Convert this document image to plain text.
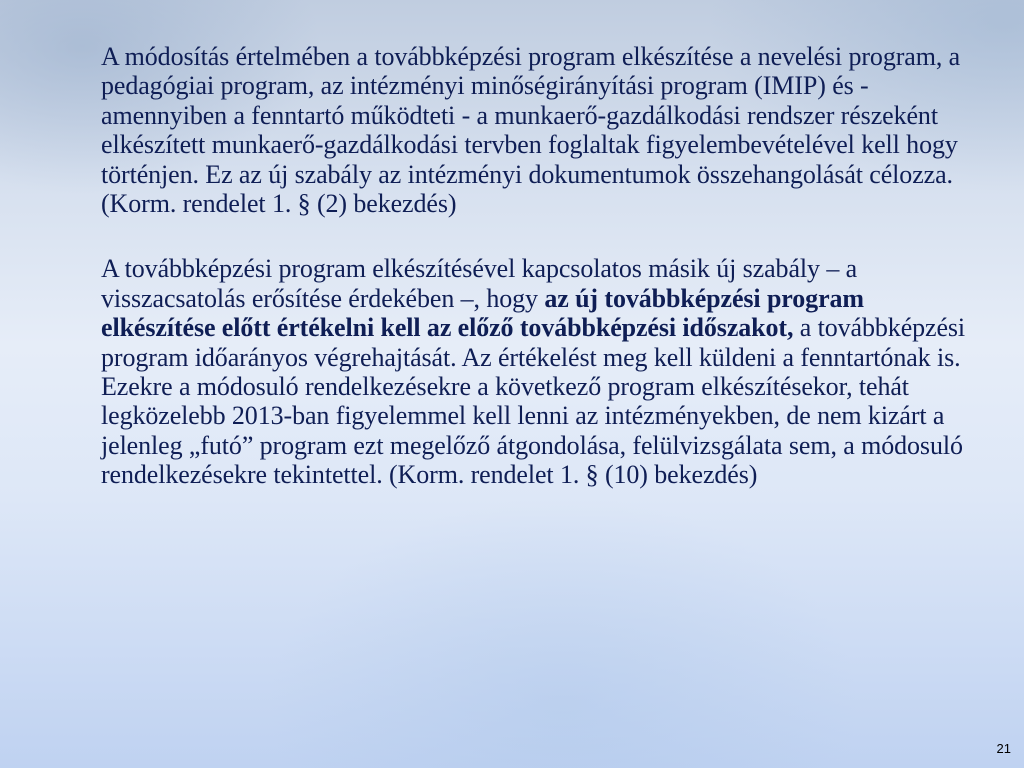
A módosítás értelmében a továbbképzési program elkészítése a nevelési program, a pedagógiai program, az intézményi minőségirányítási program (IMIP) és - amennyiben a fenntartó működteti - a munkaerő-gazdálkodási rendszer részeként elkészített munkaerő-gazdálkodási tervben foglaltak figyelembevételével kell hogy történjen. Ez az új szabály az intézményi dokumentumok összehangolását célozza. (Korm. rendelet 1. § (2) bekezdés)

A továbbképzési program elkészítésével kapcsolatos másik új szabály – a visszacsatolás erősítése érdekében –, hogy az új továbbképzési program elkészítése előtt értékelni kell az előző továbbképzési időszakot, a továbbképzési program időarányos végrehajtását. Az értékelést meg kell küldeni a fenntartónak is. Ezekre a módosuló rendelkezésekre a következő program elkészítésekor, tehát legközelebb 2013-ban figyelemmel kell lenni az intézményekben, de nem kizárt a jelenleg „futó” program ezt megelőző átgondolása, felülvizsgálata sem, a módosuló rendelkezésekre tekintettel. (Korm. rendelet 1. § (10) bekezdés)

21
